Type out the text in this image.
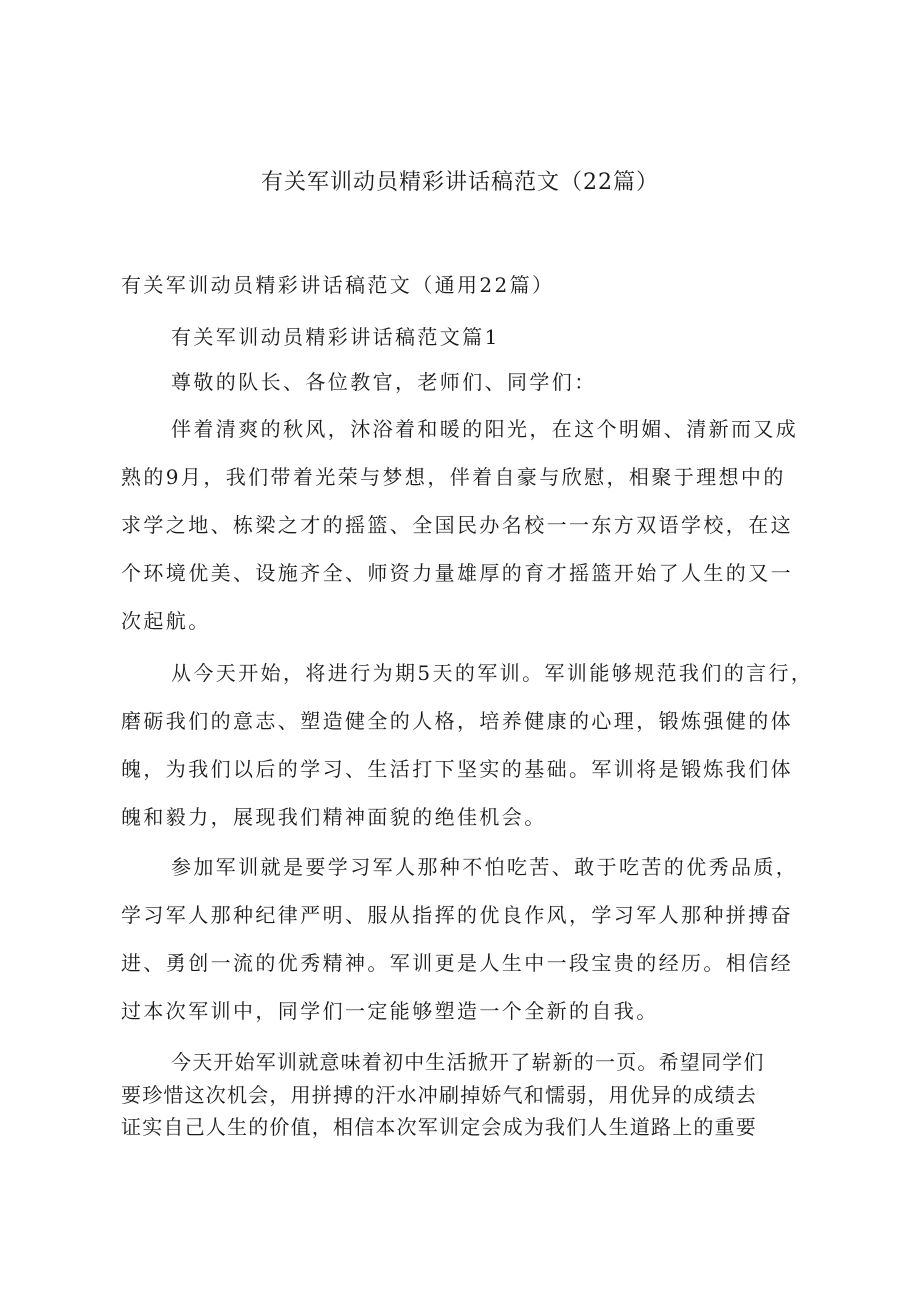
有关军训动员精彩讲话稿范文（22篇）

有关军训动员精彩讲话稿范文（通用22篇）

有关军训动员精彩讲话稿范文篇1

尊敬的队长、各位教官，老师们、同学们：

伴着清爽的秋风，沐浴着和暖的阳光，在这个明媚、清新而又成

熟的9月，我们带着光荣与梦想，伴着自豪与欣慰，相聚于理想中的

求学之地、栋梁之才的摇篮、全国民办名校一一东方双语学校，在这

个环境优美、设施齐全、师资力量雄厚的育才摇篮开始了人生的又一

次起航。

从今天开始，将进行为期5天的军训。军训能够规范我们的言行，

磨砺我们的意志、塑造健全的人格，培养健康的心理，锻炼强健的体

魄，为我们以后的学习、生活打下坚实的基础。军训将是锻炼我们体

魄和毅力，展现我们精神面貌的绝佳机会。

参加军训就是要学习军人那种不怕吃苦、敢于吃苦的优秀品质，

学习军人那种纪律严明、服从指挥的优良作风，学习军人那种拼搏奋

进、勇创一流的优秀精神。军训更是人生中一段宝贵的经历。相信经

过本次军训中，同学们一定能够塑造一个全新的自我。

今天开始军训就意味着初中生活掀开了崭新的一页。希望同学们

要珍惜这次机会，用拼搏的汗水冲刷掉娇气和懦弱，用优异的成绩去

证实自己人生的价值，相信本次军训定会成为我们人生道路上的重要
